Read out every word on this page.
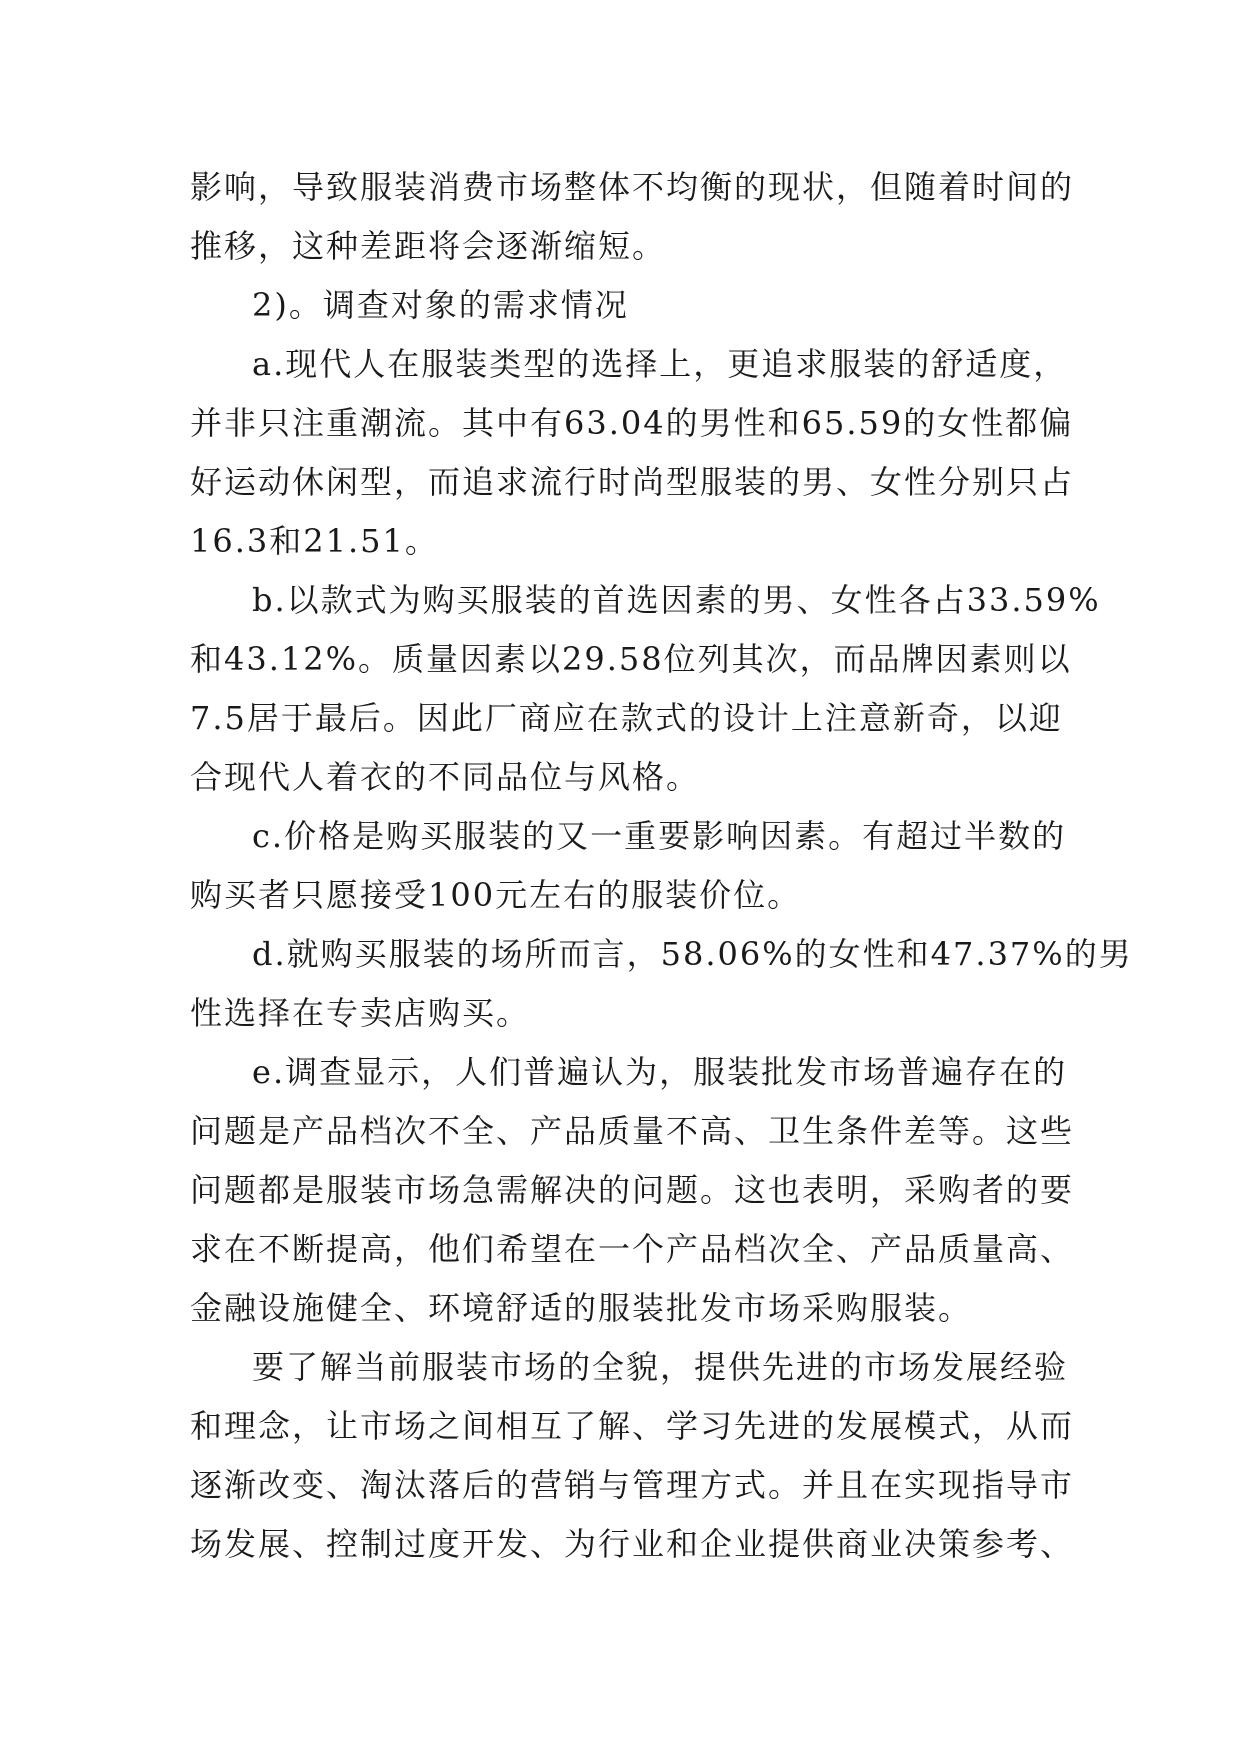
影响，导致服装消费市场整体不均衡的现状，但随着时间的
推移，这种差距将会逐渐缩短。
2)。调查对象的需求情况
a.现代人在服装类型的选择上，更追求服装的舒适度，
并非只注重潮流。其中有63.04的男性和65.59的女性都偏
好运动休闲型，而追求流行时尚型服装的男、女性分别只占
16.3和21.51。
b.以款式为购买服装的首选因素的男、女性各占33.59%
和43.12%。质量因素以29.58位列其次，而品牌因素则以
7.5居于最后。因此厂商应在款式的设计上注意新奇，以迎
合现代人着衣的不同品位与风格。
c.价格是购买服装的又一重要影响因素。有超过半数的
购买者只愿接受100元左右的服装价位。
d.就购买服装的场所而言，58.06%的女性和47.37%的男
性选择在专卖店购买。
e.调查显示，人们普遍认为，服装批发市场普遍存在的
问题是产品档次不全、产品质量不高、卫生条件差等。这些
问题都是服装市场急需解决的问题。这也表明，采购者的要
求在不断提高，他们希望在一个产品档次全、产品质量高、
金融设施健全、环境舒适的服装批发市场采购服装。
要了解当前服装市场的全貌，提供先进的市场发展经验
和理念，让市场之间相互了解、学习先进的发展模式，从而
逐渐改变、淘汰落后的营销与管理方式。并且在实现指导市
场发展、控制过度开发、为行业和企业提供商业决策参考、
